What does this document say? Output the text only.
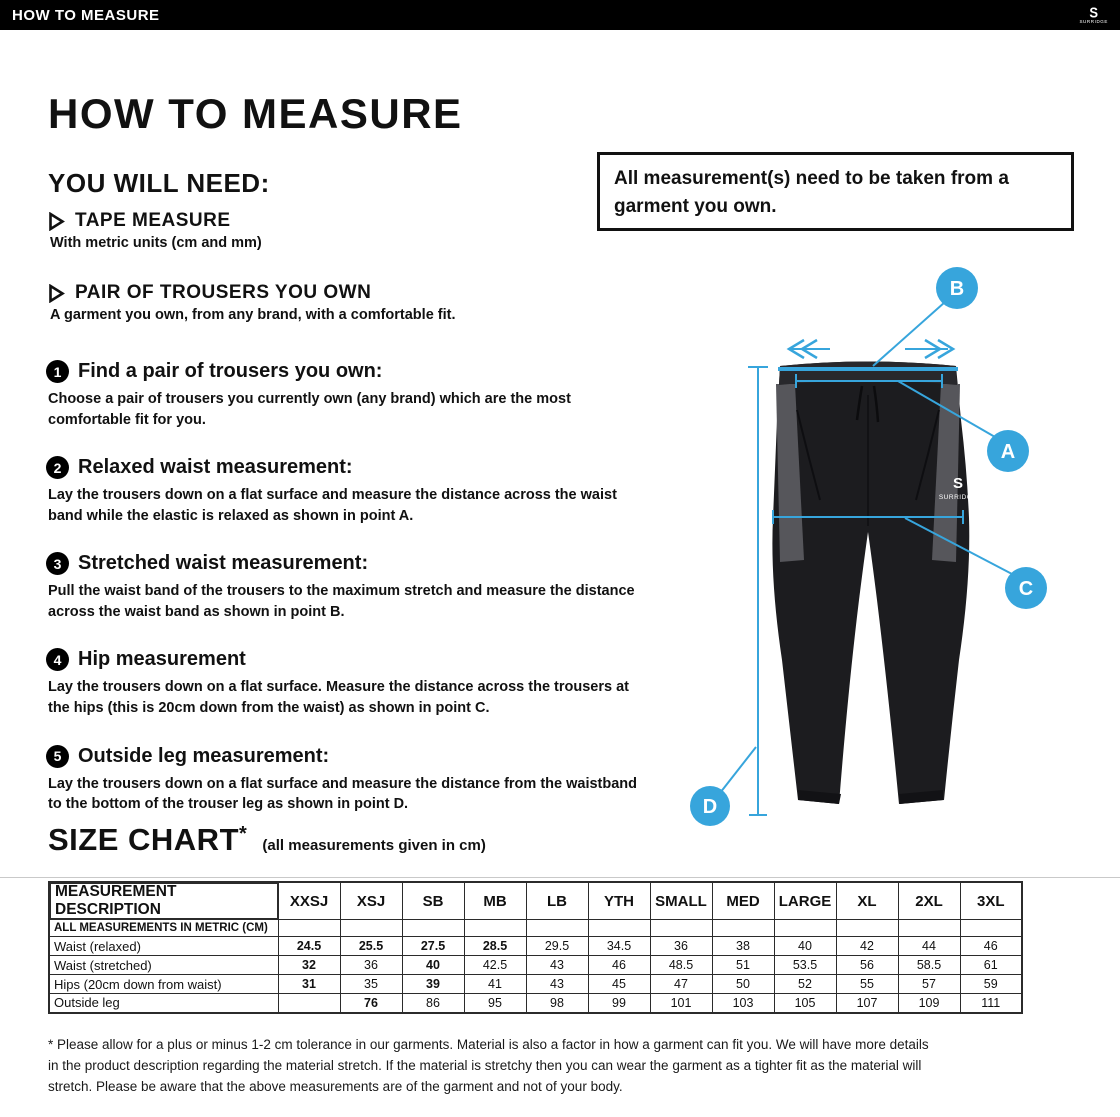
HOW TO MEASURE	S
SURRIDGE
HOW TO MEASURE
YOU WILL NEED:	All measurement(s) need to be taken from a garment you own.
TAPE MEASURE
With metric units (cm and mm)
PAIR OF TROUSERS YOU OWN
A garment you own, from any brand, with a comfortable fit.
1 Find a pair of trousers you own:

Choose a pair of trousers you currently own (any brand) which are the most comfortable fit for you.

2 Relaxed waist measurement:

Lay the trousers down on a flat surface and measure the distance across the waist band while the elastic is relaxed as shown in point A.

3 Stretched waist measurement:

Pull the waist band of the trousers to the maximum stretch and measure the distance across the waist band as shown in point B.

4 Hip measurement

Lay the trousers down on a flat surface. Measure the distance across the trousers at the hips (this is 20cm down from the waist) as shown in point C.

5 Outside leg measurement:

Lay the trousers down on a flat surface and measure the distance from the waistband to the bottom of the trouser leg as shown in point D.

S
SURRIDGE
B
A
C
D
SIZE CHART* (all measurements given in cm)
MEASUREMENT DESCRIPTION	XXSJ	XSJ	SB	MB	LB	YTH	SMALL	MED	LARGE	XL	2XL	3XL
ALL MEASUREMENTS IN METRIC (CM)												
Waist (relaxed)	24.5	25.5	27.5	28.5	29.5	34.5	36	38	40	42	44	46
Waist (stretched)	32	36	40	42.5	43	46	48.5	51	53.5	56	58.5	61
Hips (20cm down from waist)	31	35	39	41	43	45	47	50	52	55	57	59
Outside leg		76	86	95	98	99	101	103	105	107	109	111

* Please allow for a plus or minus 1-2 cm tolerance in our garments. Material is also a factor in how a garment can fit you. We will have more details in the product description regarding the material stretch. If the material is stretchy then you can wear the garment as a tighter fit as the material will stretch. Please be aware that the above measurements are of the garment and not of your body.
